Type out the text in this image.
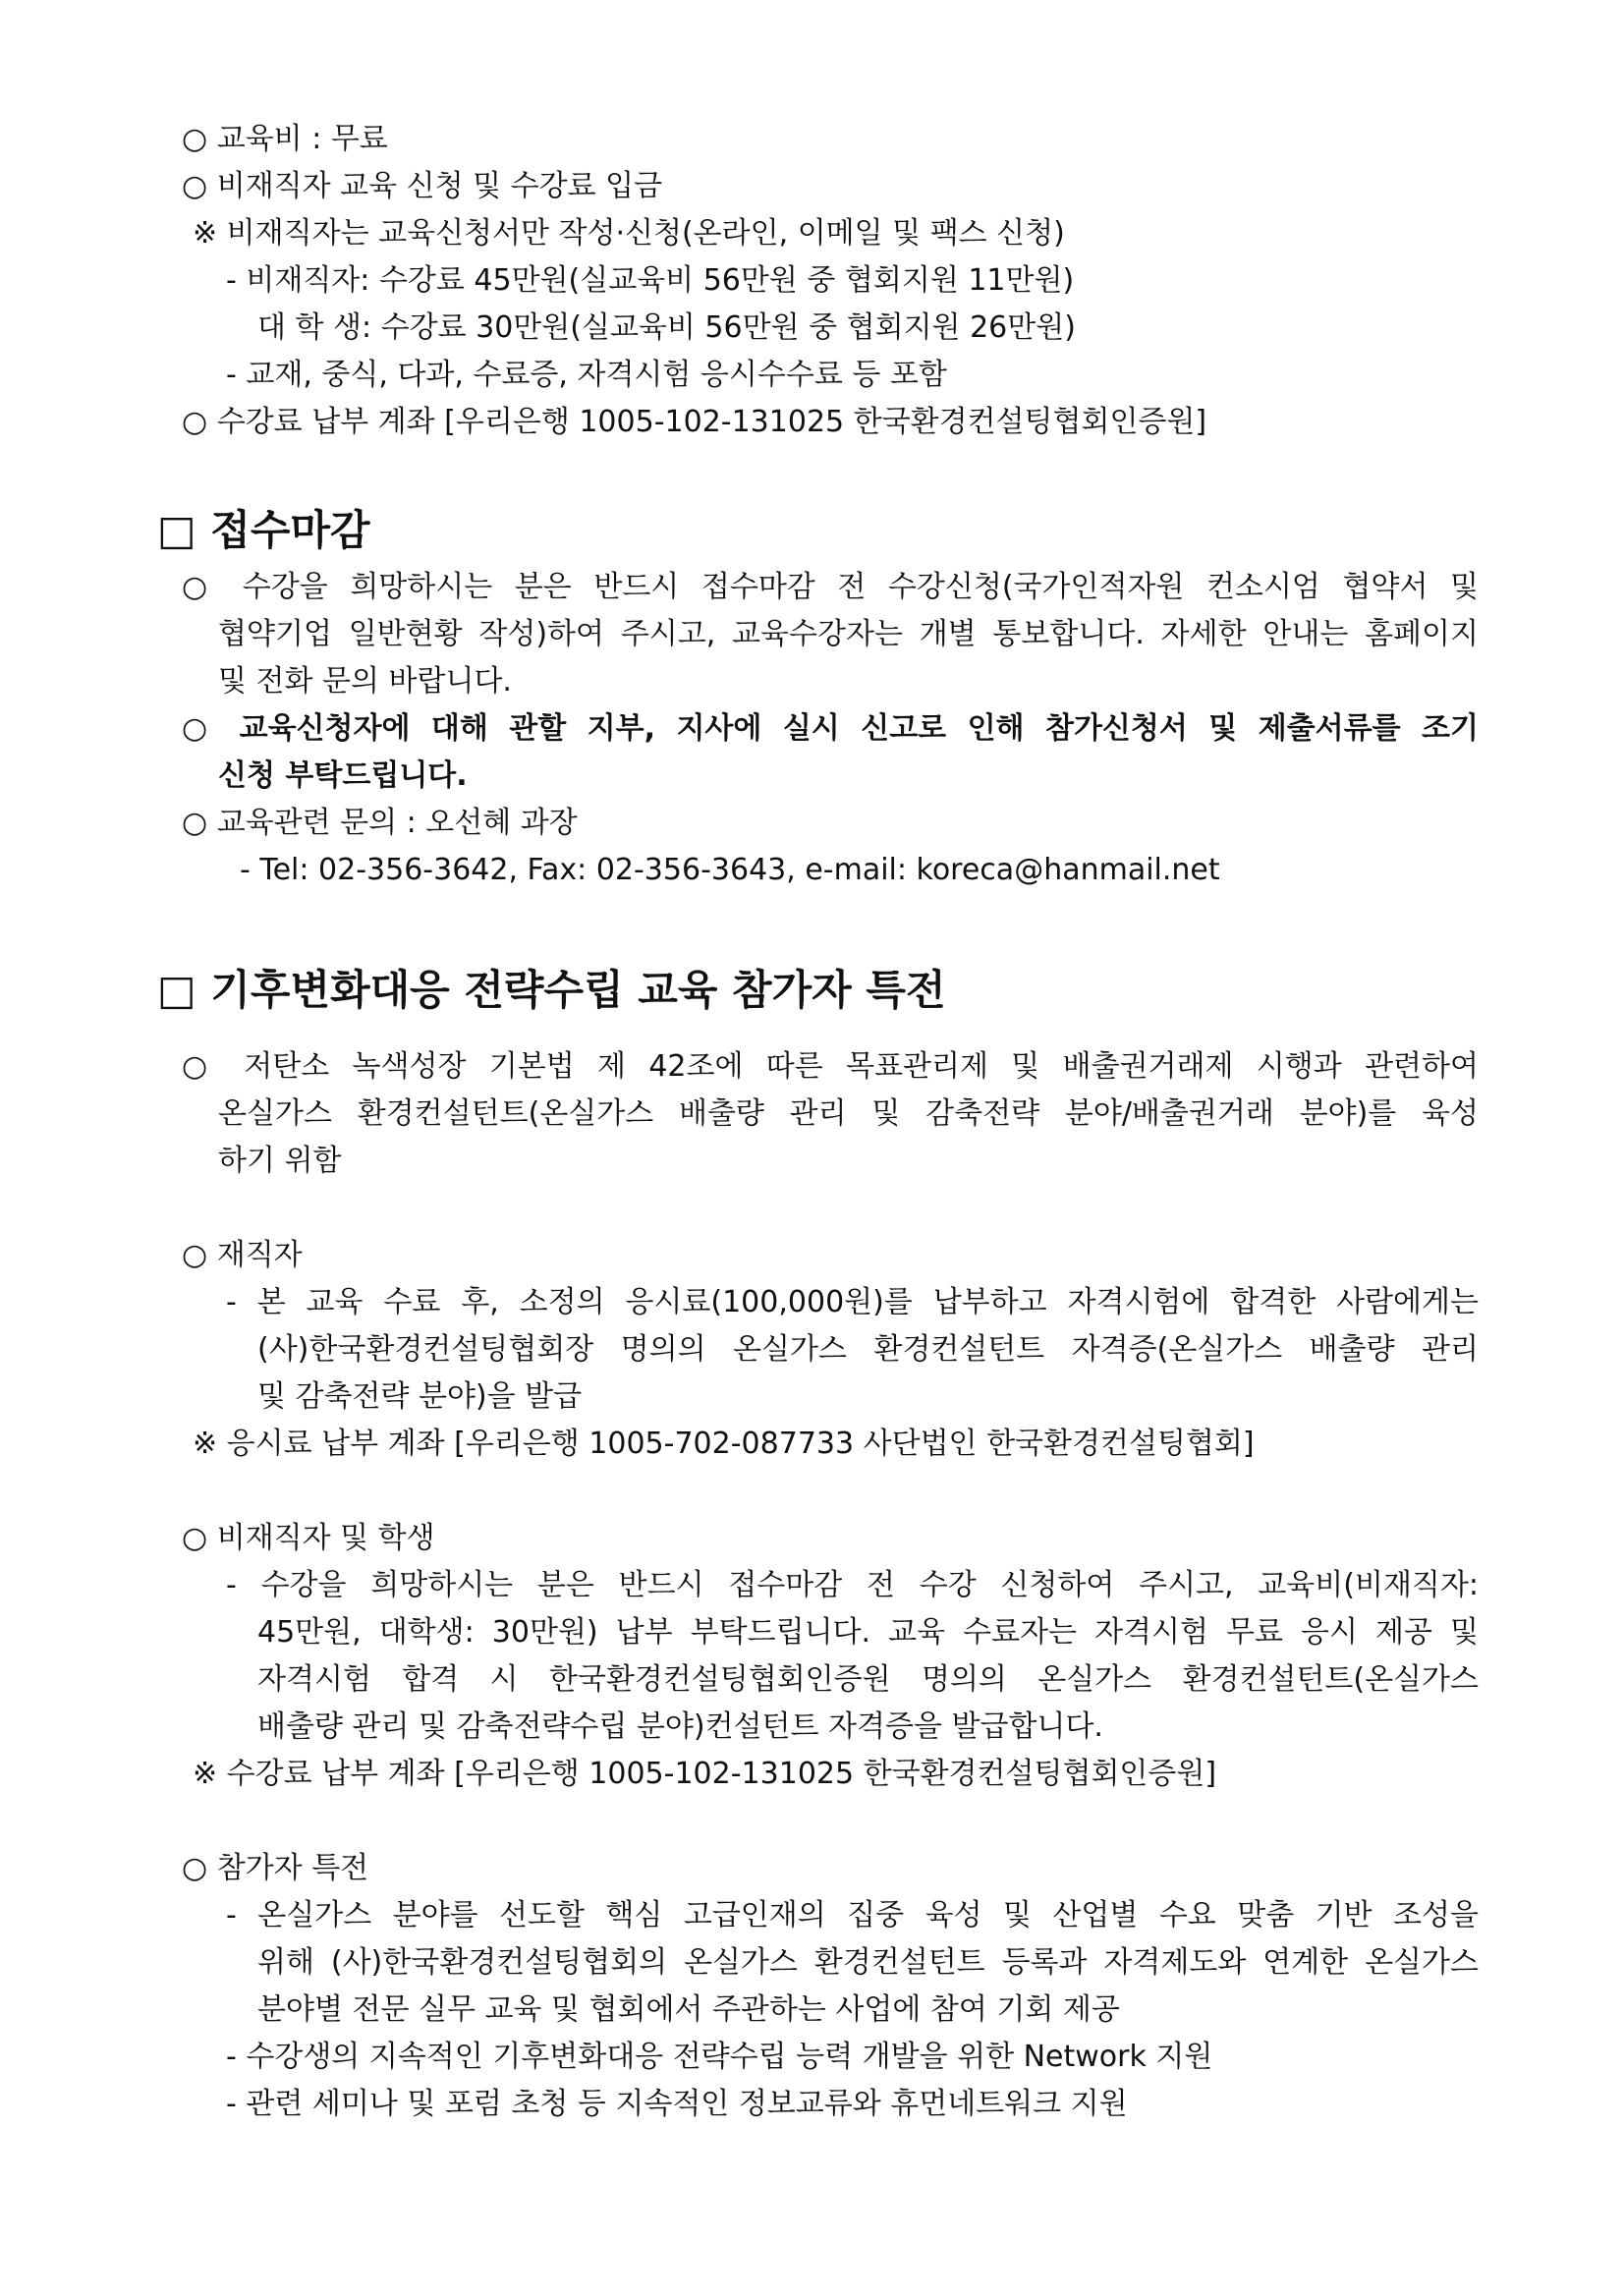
○ 교육비 : 무료
○ 비재직자 교육 신청 및 수강료 입금
※ 비재직자는 교육신청서만 작성·신청(온라인, 이메일 및 팩스 신청)
- 비재직자: 수강료 45만원(실교육비 56만원 중 협회지원 11만원)
대 학 생: 수강료 30만원(실교육비 56만원 중 협회지원 26만원)
- 교재, 중식, 다과, 수료증, 자격시험 응시수수료 등 포함
○ 수강료 납부 계좌 [우리은행 1005-102-131025 한국환경컨설팅협회인증원]
□ 접수마감
○ 수강을 희망하시는 분은 반드시 접수마감 전 수강신청(국가인적자원 컨소시엄 협약서 및
협약기업 일반현황 작성)하여 주시고, 교육수강자는 개별 통보합니다. 자세한 안내는 홈페이지
및 전화 문의 바랍니다.
○ 교육신청자에 대해 관할 지부, 지사에 실시 신고로 인해 참가신청서 및 제출서류를 조기
신청 부탁드립니다.
○ 교육관련 문의 : 오선혜 과장
- Tel: 02-356-3642, Fax: 02-356-3643, e-mail: koreca@hanmail.net
□ 기후변화대응 전략수립 교육 참가자 특전
○ 저탄소 녹색성장 기본법 제 42조에 따른 목표관리제 및 배출권거래제 시행과 관련하여
온실가스 환경컨설턴트(온실가스 배출량 관리 및 감축전략 분야/배출권거래 분야)를 육성
하기 위함
○ 재직자
- 본 교육 수료 후, 소정의 응시료(100,000원)를 납부하고 자격시험에 합격한 사람에게는
(사)한국환경컨설팅협회장 명의의 온실가스 환경컨설턴트 자격증(온실가스 배출량 관리
및 감축전략 분야)을 발급
※ 응시료 납부 계좌 [우리은행 1005-702-087733 사단법인 한국환경컨설팅협회]
○ 비재직자 및 학생
- 수강을 희망하시는 분은 반드시 접수마감 전 수강 신청하여 주시고, 교육비(비재직자:
45만원, 대학생: 30만원) 납부 부탁드립니다. 교육 수료자는 자격시험 무료 응시 제공 및
자격시험 합격 시 한국환경컨설팅협회인증원 명의의 온실가스 환경컨설턴트(온실가스
배출량 관리 및 감축전략수립 분야)컨설턴트 자격증을 발급합니다.
※ 수강료 납부 계좌 [우리은행 1005-102-131025 한국환경컨설팅협회인증원]
○ 참가자 특전
- 온실가스 분야를 선도할 핵심 고급인재의 집중 육성 및 산업별 수요 맞춤 기반 조성을
위해 (사)한국환경컨설팅협회의 온실가스 환경컨설턴트 등록과 자격제도와 연계한 온실가스
분야별 전문 실무 교육 및 협회에서 주관하는 사업에 참여 기회 제공
- 수강생의 지속적인 기후변화대응 전략수립 능력 개발을 위한 Network 지원
- 관련 세미나 및 포럼 초청 등 지속적인 정보교류와 휴먼네트워크 지원
